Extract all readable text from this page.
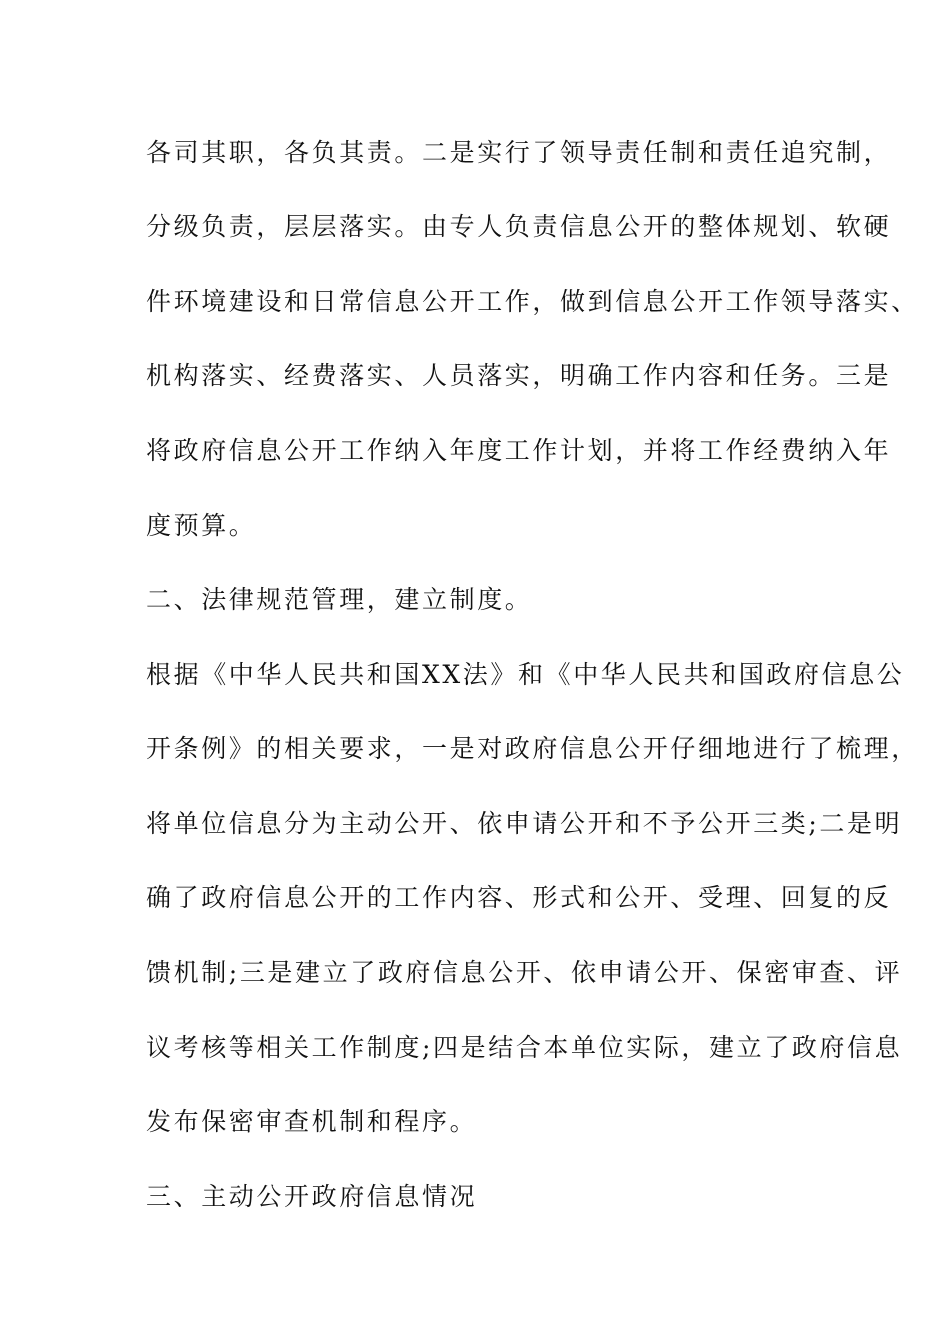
各司其职，各负其责。二是实行了领导责任制和责任追究制，
分级负责，层层落实。由专人负责信息公开的整体规划、软硬
件环境建设和日常信息公开工作，做到信息公开工作领导落实、
机构落实、经费落实、人员落实，明确工作内容和任务。三是
将政府信息公开工作纳入年度工作计划，并将工作经费纳入年
度预算。
二、法律规范管理，建立制度。
根据《中华人民共和国XX法》和《中华人民共和国政府信息公
开条例》的相关要求，一是对政府信息公开仔细地进行了梳理，
将单位信息分为主动公开、依申请公开和不予公开三类;二是明
确了政府信息公开的工作内容、形式和公开、受理、回复的反
馈机制;三是建立了政府信息公开、依申请公开、保密审查、评
议考核等相关工作制度;四是结合本单位实际，建立了政府信息
发布保密审查机制和程序。
三、主动公开政府信息情况
